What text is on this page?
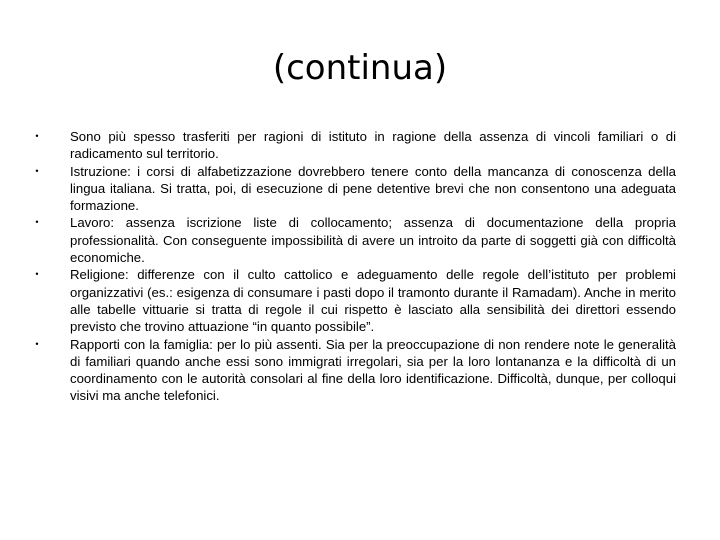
(continua)
•	Sono più spesso trasferiti per ragioni di istituto in ragione della assenza di vincoli familiari o di radicamento sul territorio.
•	Istruzione: i corsi di alfabetizzazione dovrebbero tenere conto della mancanza di conoscenza della lingua italiana. Si tratta, poi, di esecuzione di pene detentive brevi che non consentono una adeguata formazione.
•	Lavoro: assenza iscrizione liste di collocamento; assenza di documentazione della propria professionalità. Con conseguente impossibilità di avere un introito da parte di soggetti già con difficoltà economiche.
•	Religione: differenze con il culto cattolico e adeguamento delle regole dell’istituto per problemi organizzativi (es.: esigenza di consumare i pasti dopo il tramonto durante il Ramadam). Anche in merito alle tabelle vittuarie si tratta di regole il cui rispetto è lasciato alla sensibilità dei direttori essendo previsto che trovino attuazione “in quanto possibile”.
•	Rapporti con la famiglia: per lo più assenti. Sia per la preoccupazione di non rendere note le generalità di familiari quando anche essi sono immigrati irregolari, sia per la loro lontananza e la difficoltà di un coordinamento con le autorità consolari al fine della loro identificazione. Difficoltà, dunque, per colloqui visivi ma anche telefonici.
